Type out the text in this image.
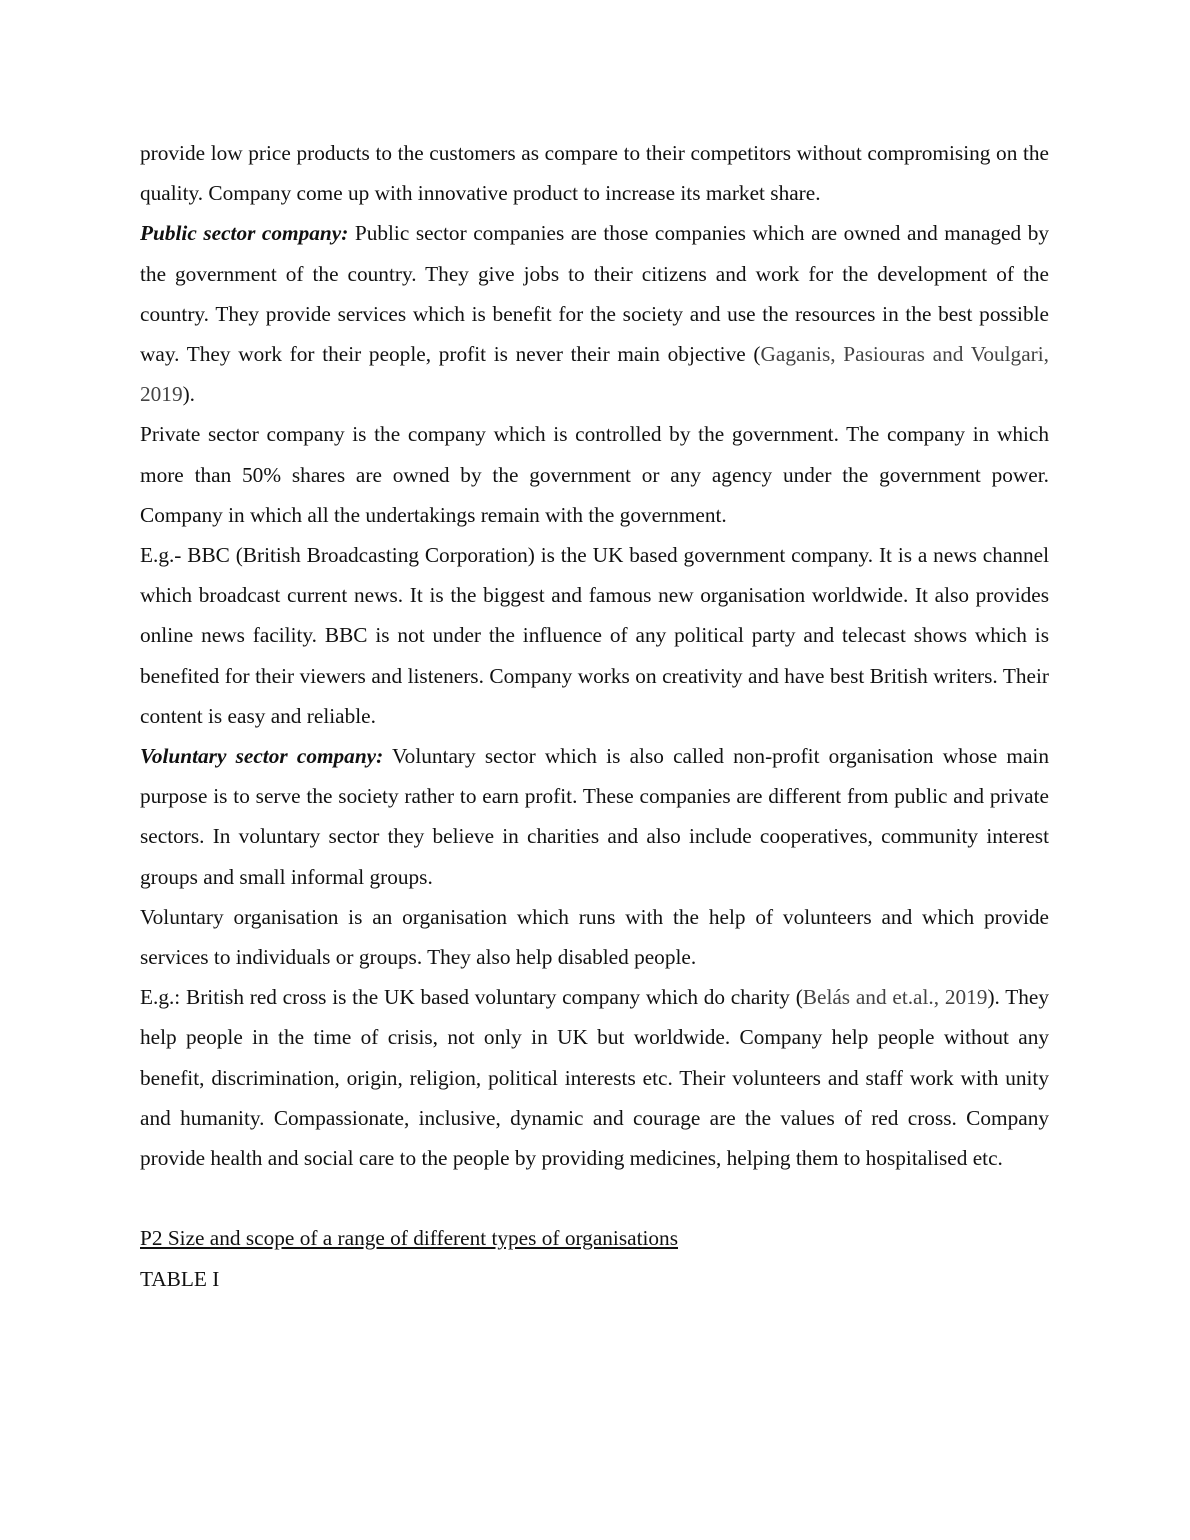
provide low price products to the customers as compare to their competitors without compromising on the quality. Company come up with innovative product to increase its market share.

Public sector company: Public sector companies are those companies which are owned and managed by the government of the country. They give jobs to their citizens and work for the development of the country. They provide services which is benefit for the society and use the resources in the best possible way. They work for their people, profit is never their main objective (Gaganis, Pasiouras and Voulgari, 2019).

Private sector company is the company which is controlled by the government. The company in which more than 50% shares are owned by the government or any agency under the government power. Company in which all the undertakings remain with the government.

E.g.- BBC (British Broadcasting Corporation) is the UK based government company. It is a news channel which broadcast current news. It is the biggest and famous new organisation worldwide. It also provides online news facility. BBC is not under the influence of any political party and telecast shows which is benefited for their viewers and listeners. Company works on creativity and have best British writers. Their content is easy and reliable.

Voluntary sector company: Voluntary sector which is also called non-profit organisation whose main purpose is to serve the society rather to earn profit. These companies are different from public and private sectors. In voluntary sector they believe in charities and also include cooperatives, community interest groups and small informal groups.

Voluntary organisation is an organisation which runs with the help of volunteers and which provide services to individuals or groups. They also help disabled people.

E.g.: British red cross is the UK based voluntary company which do charity (Belás and et.al., 2019). They help people in the time of crisis, not only in UK but worldwide. Company help people without any benefit, discrimination, origin, religion, political interests etc. Their volunteers and staff work with unity and humanity. Compassionate, inclusive, dynamic and courage are the values of red cross. Company provide health and social care to the people by providing medicines, helping them to hospitalised etc.

P2 Size and scope of a range of different types of organisations

TABLE I
